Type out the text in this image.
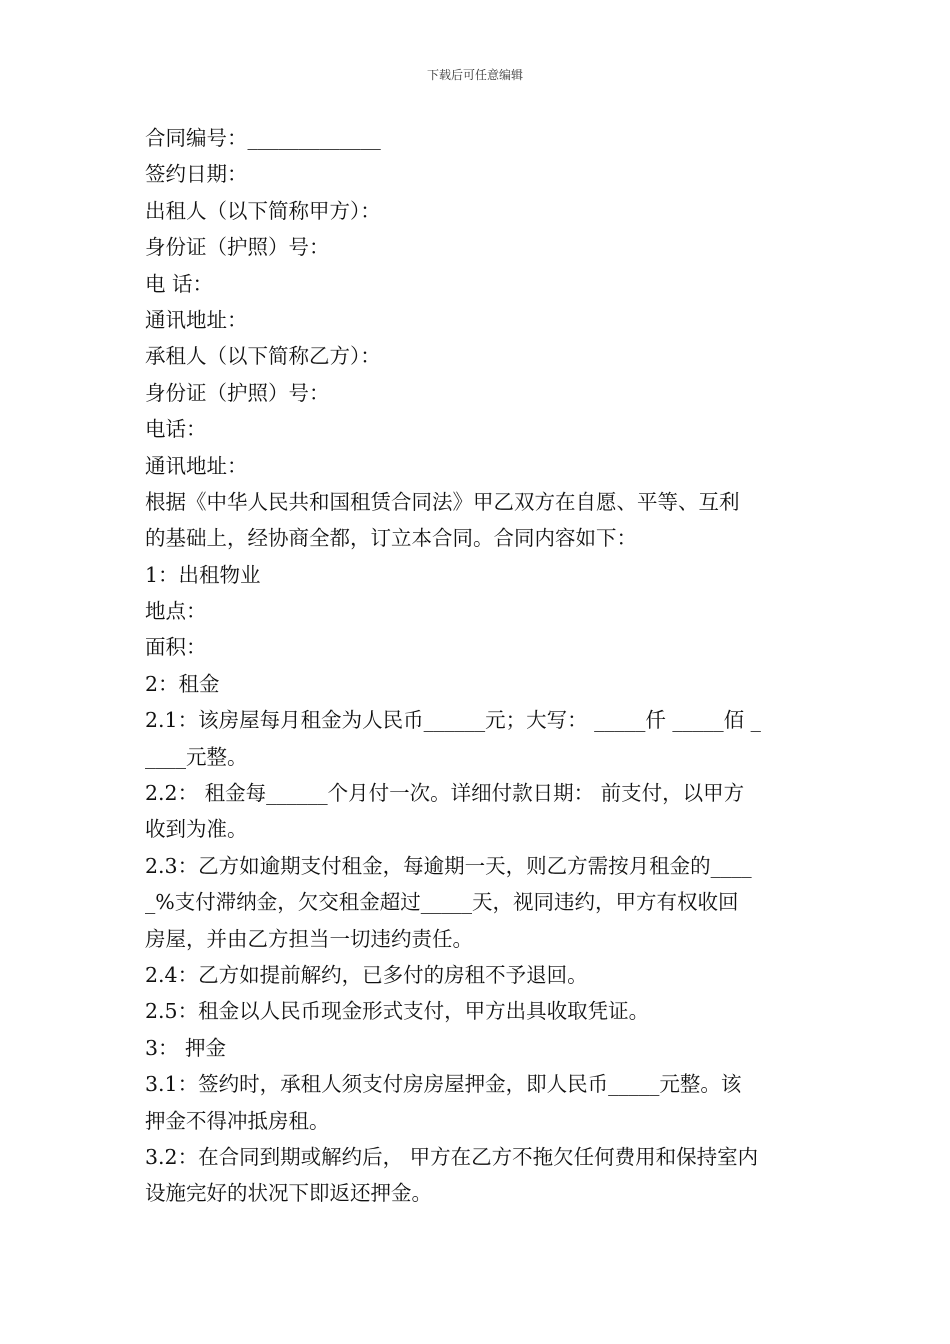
下载后可任意编辑
合同编号：_____________
签约日期：
出租人（以下简称甲方）：
身份证（护照）号：
电 话：
通讯地址：
承租人（以下简称乙方）：
身份证（护照）号：
电话：
通讯地址：
根据《中华人民共和国租赁合同法》甲乙双方在自愿、平等、互利
的基础上，经协商全都，订立本合同。合同内容如下：
1：出租物业
地点：
面积：
2：租金
2.1：该房屋每月租金为人民币______元；大写： _____仟 _____佰 _
____元整。
2.2： 租金每______个月付一次。详细付款日期： 前支付，以甲方
收到为准。
2.3：乙方如逾期支付租金，每逾期一天，则乙方需按月租金的____
_%支付滞纳金，欠交租金超过_____天，视同违约，甲方有权收回
房屋，并由乙方担当一切违约责任。
2.4：乙方如提前解约，已多付的房租不予退回。
2.5：租金以人民币现金形式支付，甲方出具收取凭证。
3： 押金
3.1：签约时，承租人须支付房房屋押金，即人民币_____元整。该
押金不得冲抵房租。
3.2：在合同到期或解约后， 甲方在乙方不拖欠任何费用和保持室内
设施完好的状况下即返还押金。
